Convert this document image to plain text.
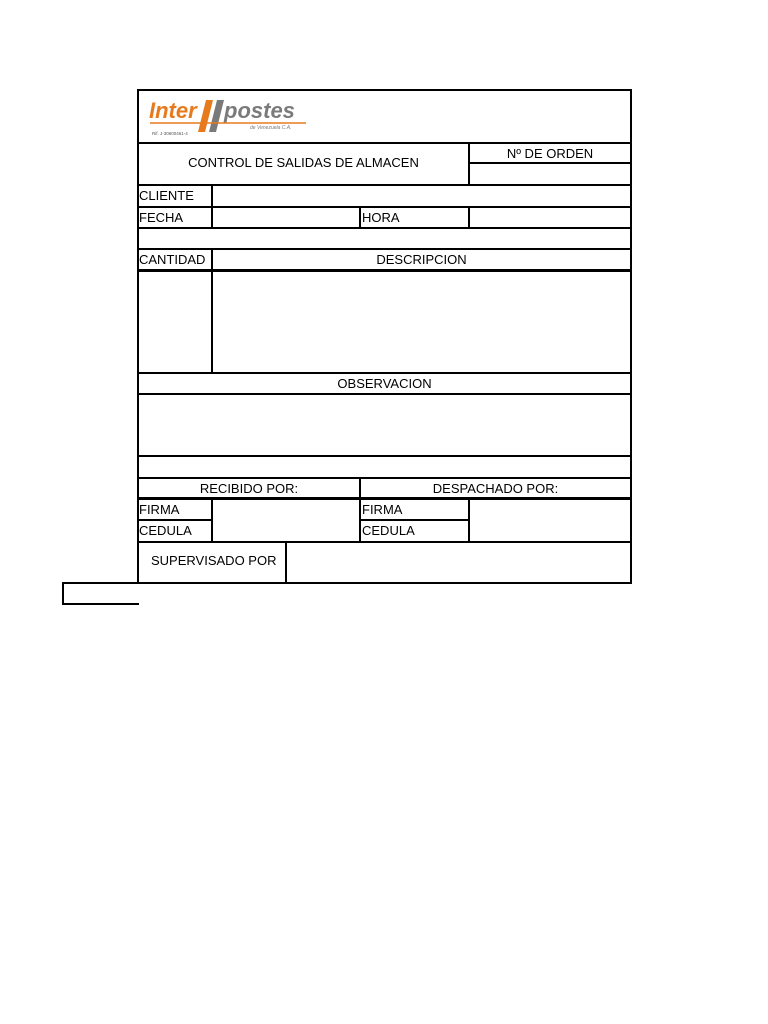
Inter postes
de Venezuela C.A.
Rif. J-30600461-4
CONTROL DE SALIDAS DE ALMACEN
Nº DE ORDEN
CLIENTE
FECHA	HORA
CANTIDAD	DESCRIPCION
OBSERVACION
RECIBIDO POR:	DESPACHADO POR:
FIRMA
CEDULA
FIRMA
CEDULA
SUPERVISADO POR
